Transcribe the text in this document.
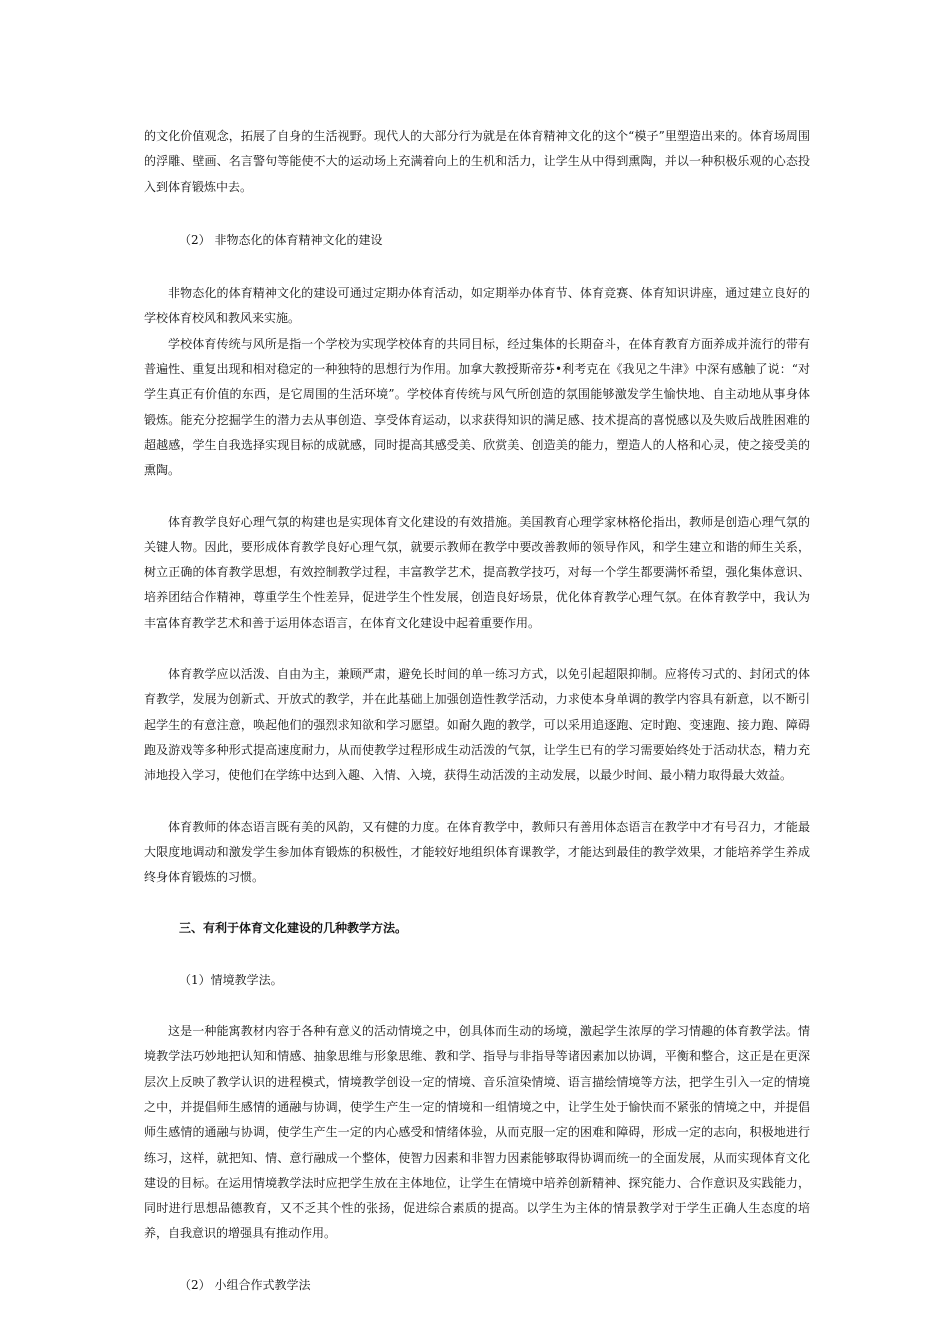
的文化价值观念，拓展了自身的生活视野。现代人的大部分行为就是在体育精神文化的这个“模子”里塑造出来的。体育场周围的浮雕、壁画、名言警句等能使不大的运动场上充满着向上的生机和活力，让学生从中得到熏陶，并以一种积极乐观的心态投入到体育锻炼中去。

（2） 非物态化的体育精神文化的建设

非物态化的体育精神文化的建设可通过定期办体育活动，如定期举办体育节、体育竞赛、体育知识讲座，通过建立良好的学校体育校风和教风来实施。

学校体育传统与风所是指一个学校为实现学校体育的共同目标，经过集体的长期奋斗，在体育教育方面养成并流行的带有普遍性、重复出现和相对稳定的一种独特的思想行为作用。加拿大教授斯帝芬•利考克在《我见之牛津》中深有感触了说：“对学生真正有价值的东西，是它周围的生活环境”。学校体育传统与风气所创造的氛围能够激发学生愉快地、自主动地从事身体锻炼。能充分挖掘学生的潜力去从事创造、享受体育运动，以求获得知识的满足感、技术提高的喜悦感以及失败后战胜困难的超越感，学生自我选择实现目标的成就感，同时提高其感受美、欣赏美、创造美的能力，塑造人的人格和心灵，使之接受美的熏陶。

体育教学良好心理气氛的构建也是实现体育文化建设的有效措施。美国教育心理学家林格伦指出，教师是创造心理气氛的关键人物。因此，要形成体育教学良好心理气氛，就要示教师在教学中要改善教师的领导作风，和学生建立和谐的师生关系，树立正确的体育教学思想，有效控制教学过程，丰富教学艺术，提高教学技巧，对每一个学生都要满怀希望，强化集体意识、培养团结合作精神，尊重学生个性差异，促进学生个性发展，创造良好场景，优化体育教学心理气氛。在体育教学中，我认为丰富体育教学艺术和善于运用体态语言，在体育文化建设中起着重要作用。

体育教学应以活泼、自由为主，兼顾严肃，避免长时间的单一练习方式，以免引起超限抑制。应将传习式的、封闭式的体育教学，发展为创新式、开放式的教学，并在此基础上加强创造性教学活动，力求使本身单调的教学内容具有新意，以不断引起学生的有意注意，唤起他们的强烈求知欲和学习愿望。如耐久跑的教学，可以采用追逐跑、定时跑、变速跑、接力跑、障碍跑及游戏等多种形式提高速度耐力，从而使教学过程形成生动活泼的气氛，让学生已有的学习需要始终处于活动状态，精力充沛地投入学习，使他们在学练中达到入趣、入情、入境，获得生动活泼的主动发展，以最少时间、最小精力取得最大效益。

体育教师的体态语言既有美的风韵，又有健的力度。在体育教学中，教师只有善用体态语言在教学中才有号召力，才能最大限度地调动和激发学生参加体育锻炼的积极性，才能较好地组织体育课教学，才能达到最佳的教学效果，才能培养学生养成终身体育锻炼的习惯。

三、有利于体育文化建设的几种教学方法。

（1）情境教学法。

这是一种能寓教材内容于各种有意义的活动情境之中，创具体而生动的场境，激起学生浓厚的学习情趣的体育教学法。情境教学法巧妙地把认知和情感、抽象思维与形象思维、教和学、指导与非指导等诸因素加以协调，平衡和整合，这正是在更深层次上反映了教学认识的进程模式，情境教学创设一定的情境、音乐渲染情境、语言描绘情境等方法，把学生引入一定的情境之中，并提倡师生感情的通融与协调，使学生产生一定的情境和一组情境之中，让学生处于愉快而不紧张的情境之中，并提倡师生感情的通融与协调，使学生产生一定的内心感受和情绪体验，从而克服一定的困难和障碍，形成一定的志向，积极地进行练习，这样，就把知、情、意行融成一个整体，使智力因素和非智力因素能够取得协调而统一的全面发展，从而实现体育文化建设的目标。在运用情境教学法时应把学生放在主体地位，让学生在情境中培养创新精神、探究能力、合作意识及实践能力，同时进行思想品德教育，又不乏其个性的张扬，促进综合素质的提高。以学生为主体的情景教学对于学生正确人生态度的培养，自我意识的增强具有推动作用。

（2） 小组合作式教学法
